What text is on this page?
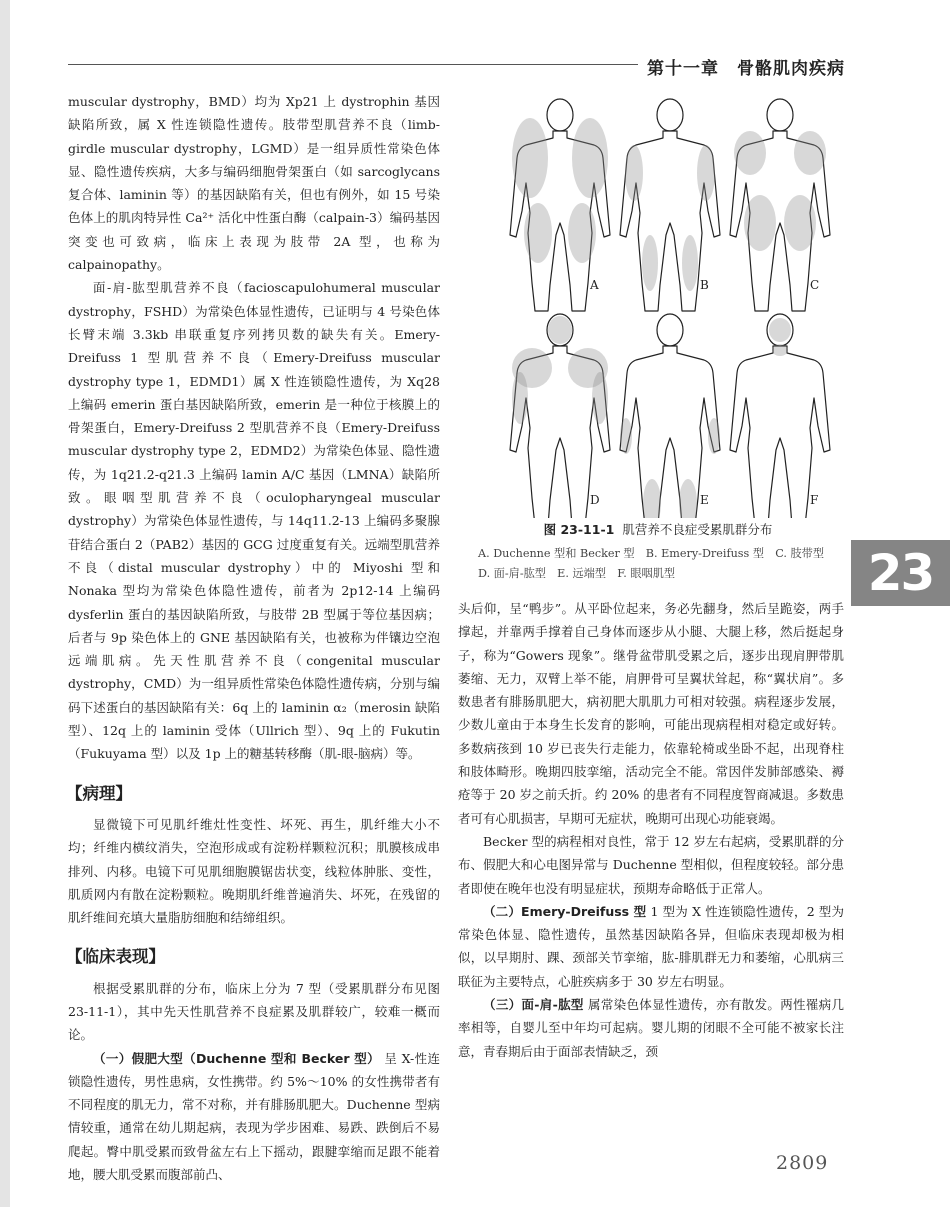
第十一章　骨骼肌肉疾病

muscular dystrophy，BMD）均为 Xp21 上 dystrophin 基因缺陷所致，属 X 性连锁隐性遗传。肢带型肌营养不良（limb-girdle muscular dystrophy，LGMD）是一组异质性常染色体显、隐性遗传疾病，大多与编码细胞骨架蛋白（如 sarcoglycans 复合体、laminin 等）的基因缺陷有关，但也有例外，如 15 号染色体上的肌肉特异性 Ca²⁺ 活化中性蛋白酶（calpain-3）编码基因突变也可致病，临床上表现为肢带 2A 型，也称为 calpainopathy。

面-肩-肱型肌营养不良（facioscapulohumeral muscular dystrophy，FSHD）为常染色体显性遗传，已证明与 4 号染色体长臂末端 3.3kb 串联重复序列拷贝数的缺失有关。Emery-Dreifuss 1 型肌营养不良（Emery-Dreifuss muscular dystrophy type 1，EDMD1）属 X 性连锁隐性遗传，为 Xq28 上编码 emerin 蛋白基因缺陷所致，emerin 是一种位于核膜上的骨架蛋白，Emery-Dreifuss 2 型肌营养不良（Emery-Dreifuss muscular dystrophy type 2，EDMD2）为常染色体显、隐性遗传，为 1q21.2-q21.3 上编码 lamin A/C 基因（LMNA）缺陷所致。眼咽型肌营养不良（oculopharyngeal muscular dystrophy）为常染色体显性遗传，与 14q11.2-13 上编码多聚腺苷结合蛋白 2（PAB2）基因的 GCG 过度重复有关。远端型肌营养不良（distal muscular dystrophy）中的 Miyoshi 型和 Nonaka 型均为常染色体隐性遗传，前者为 2p12-14 上编码 dysferlin 蛋白的基因缺陷所致，与肢带 2B 型属于等位基因病；后者与 9p 染色体上的 GNE 基因缺陷有关，也被称为伴镶边空泡远端肌病。先天性肌营养不良（congenital muscular dystrophy，CMD）为一组异质性常染色体隐性遗传病，分别与编码下述蛋白的基因缺陷有关：6q 上的 laminin α₂（merosin 缺陷型）、12q 上的 laminin 受体（Ullrich 型）、9q 上的 Fukutin（Fukuyama 型）以及 1p 上的糖基转移酶（肌-眼-脑病）等。

【病理】

显微镜下可见肌纤维灶性变性、坏死、再生，肌纤维大小不均；纤维内横纹消失，空泡形成或有淀粉样颗粒沉积；肌膜核成串排列、内移。电镜下可见肌细胞膜锯齿状变，线粒体肿胀、变性，肌质网内有散在淀粉颗粒。晚期肌纤维普遍消失、坏死，在残留的肌纤维间充填大量脂肪细胞和结缔组织。

【临床表现】

根据受累肌群的分布，临床上分为 7 型（受累肌群分布见图 23-11-1），其中先天性肌营养不良症累及肌群较广，较难一概而论。

（一）假肥大型（Duchenne 型和 Becker 型） 呈 X-性连锁隐性遗传，男性患病，女性携带。约 5%～10% 的女性携带者有不同程度的肌无力，常不对称，并有腓肠肌肥大。Duchenne 型病情较重，通常在幼儿期起病，表现为学步困难、易跌、跌倒后不易爬起。臀中肌受累而致骨盆左右上下摇动，跟腱挛缩而足跟不能着地，腰大肌受累而腹部前凸、

A	B	C
D	E	F
图 23-11-1 肌营养不良症受累肌群分布
A. Duchenne 型和 Becker 型　B. Emery-Dreifuss 型　C. 肢带型　D. 面-肩-肱型　E. 远端型　F. 眼咽肌型	23

头后仰，呈“鸭步”。从平卧位起来，务必先翻身，然后呈跪姿，两手撑起，并靠两手撑着自己身体而逐步从小腿、大腿上移，然后挺起身子，称为“Gowers 现象”。继骨盆带肌受累之后，逐步出现肩胛带肌萎缩、无力，双臂上举不能，肩胛骨可呈翼状耸起，称“翼状肩”。多数患者有腓肠肌肥大，病初肥大肌肌力可相对较强。病程逐步发展，少数儿童由于本身生长发育的影响，可能出现病程相对稳定或好转。多数病孩到 10 岁已丧失行走能力，依靠轮椅或坐卧不起，出现脊柱和肢体畸形。晚期四肢挛缩，活动完全不能。常因伴发肺部感染、褥疮等于 20 岁之前夭折。约 20% 的患者有不同程度智商减退。多数患者可有心肌损害，早期可无症状，晚期可出现心功能衰竭。

Becker 型的病程相对良性，常于 12 岁左右起病，受累肌群的分布、假肥大和心电图异常与 Duchenne 型相似，但程度较轻。部分患者即使在晚年也没有明显症状，预期寿命略低于正常人。

（二）Emery-Dreifuss 型 1 型为 X 性连锁隐性遗传，2 型为常染色体显、隐性遗传，虽然基因缺陷各异，但临床表现却极为相似，以早期肘、踝、颈部关节挛缩，肱-腓肌群无力和萎缩，心肌病三联征为主要特点，心脏疾病多于 30 岁左右明显。

（三）面-肩-肱型 属常染色体显性遗传，亦有散发。两性罹病几率相等，自婴儿至中年均可起病。婴儿期的闭眼不全可能不被家长注意，青春期后由于面部表情缺乏，颈

2809
